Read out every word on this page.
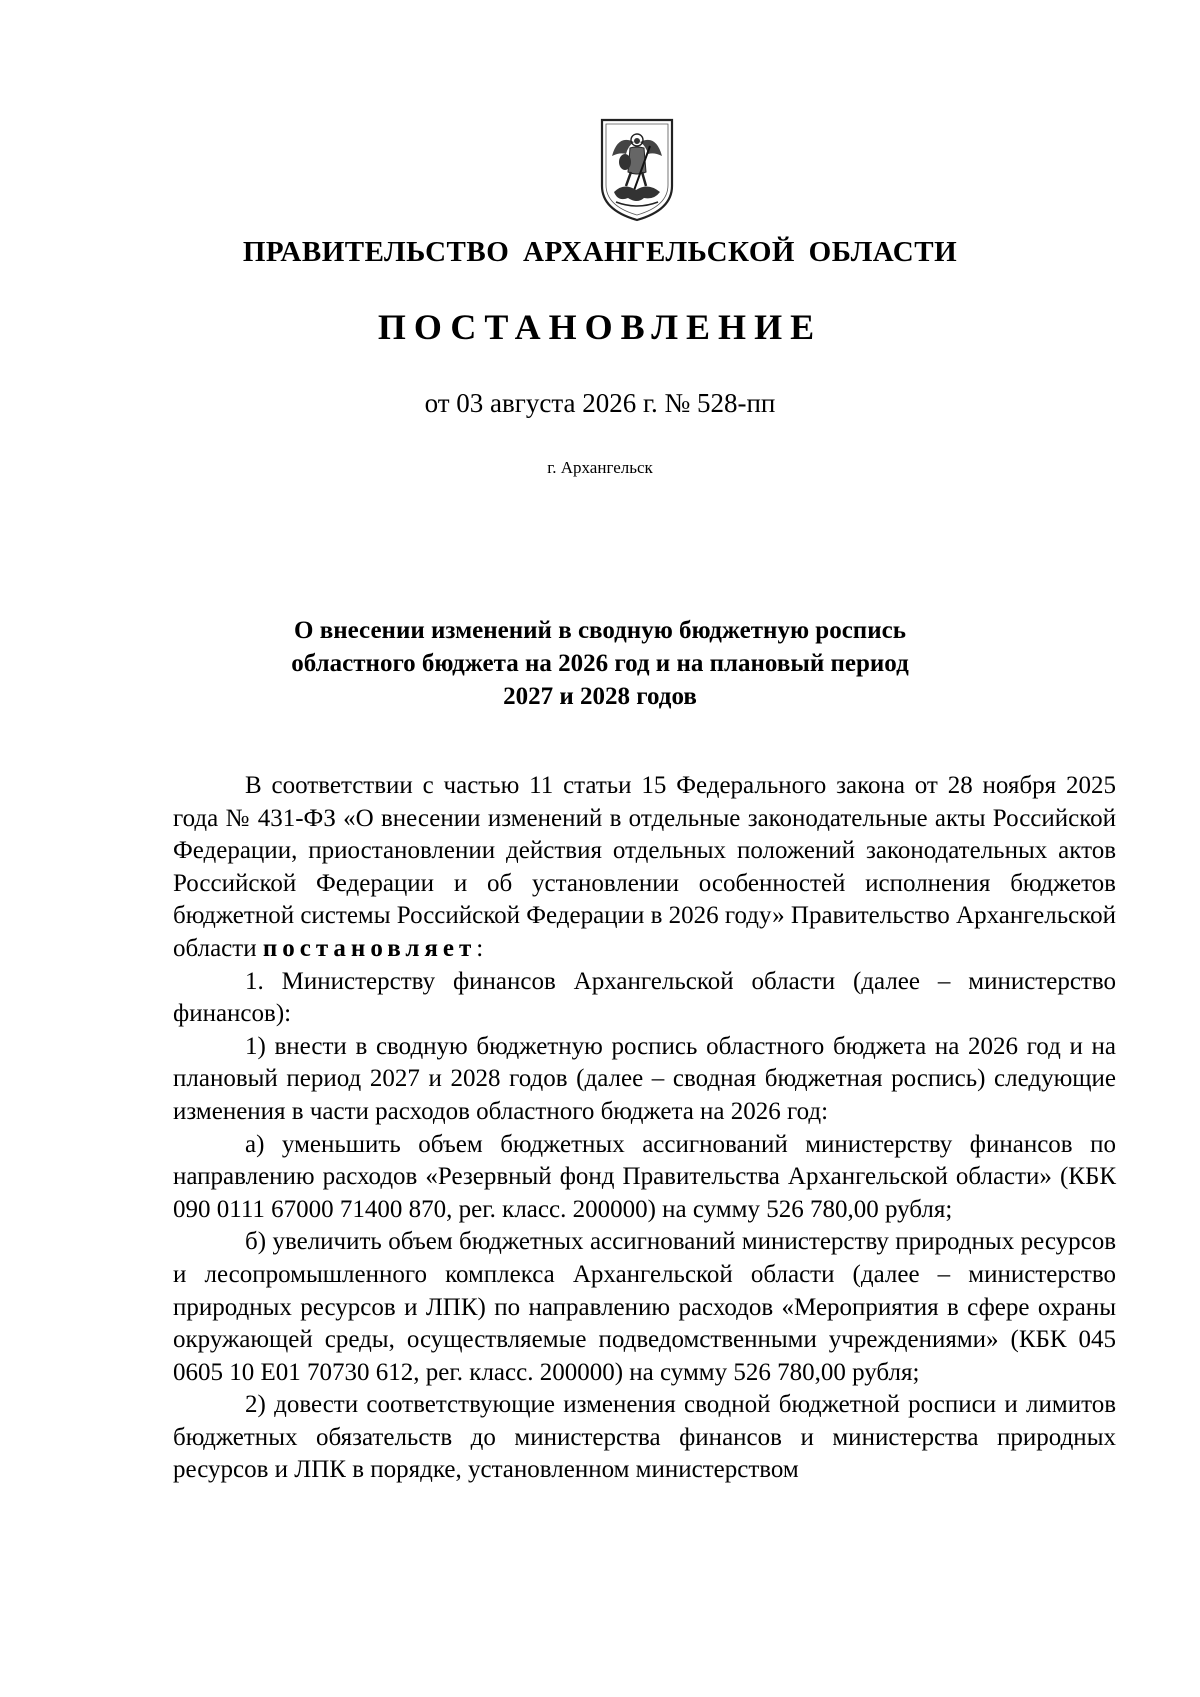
ПРАВИТЕЛЬСТВО АРХАНГЕЛЬСКОЙ ОБЛАСТИ
ПОСТАНОВЛЕНИЕ
от 03 августа 2026 г. № 528-пп
г. Архангельск
О внесении изменений в сводную бюджетную роспись
областного бюджета на 2026 год и на плановый период
2027 и 2028 годов

В соответствии с частью 11 статьи 15 Федерального закона от 28 ноября 2025 года № 431-ФЗ «О внесении изменений в отдельные законодательные акты Российской Федерации, приостановлении действия отдельных положений законодательных актов Российской Федерации и об установлении особенностей исполнения бюджетов бюджетной системы Российской Федерации в 2026 году» Правительство Архангельской области постановляет:

1. Министерству финансов Архангельской области (далее – министерство финансов):

1) внести в сводную бюджетную роспись областного бюджета на 2026 год и на плановый период 2027 и 2028 годов (далее – сводная бюджетная роспись) следующие изменения в части расходов областного бюджета на 2026 год:

а) уменьшить объем бюджетных ассигнований министерству финансов по направлению расходов «Резервный фонд Правительства Архангельской области» (КБК 090 0111 67000 71400 870, рег. класс. 200000) на сумму 526 780,00 рубля;

б) увеличить объем бюджетных ассигнований министерству природных ресурсов и лесопромышленного комплекса Архангельской области (далее – министерство природных ресурсов и ЛПК) по направлению расходов «Мероприятия в сфере охраны окружающей среды, осуществляемые подведомственными учреждениями» (КБК 045 0605 10 Е01 70730 612, рег. класс. 200000) на сумму 526 780,00 рубля;

2) довести соответствующие изменения сводной бюджетной росписи и лимитов бюджетных обязательств до министерства финансов и министерства природных ресурсов и ЛПК в порядке, установленном министерством
